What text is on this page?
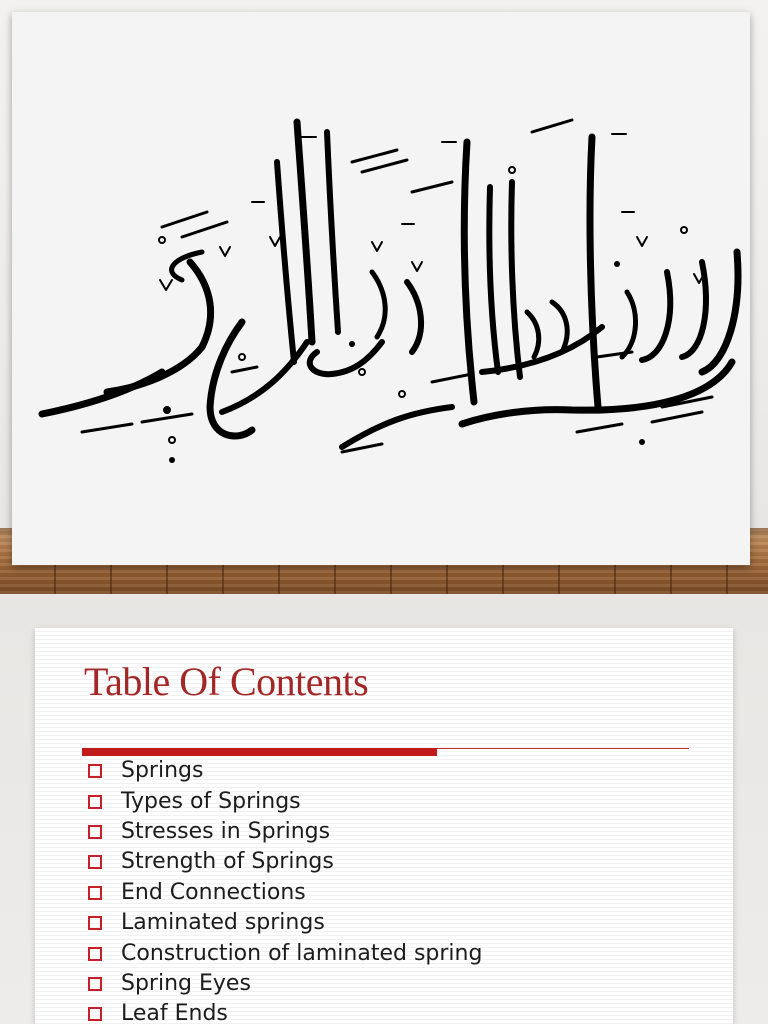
Table Of Contents
Springs
Types of Springs
Stresses in Springs
Strength of Springs
End Connections
Laminated springs
Construction of laminated spring
Spring Eyes
Leaf Ends
